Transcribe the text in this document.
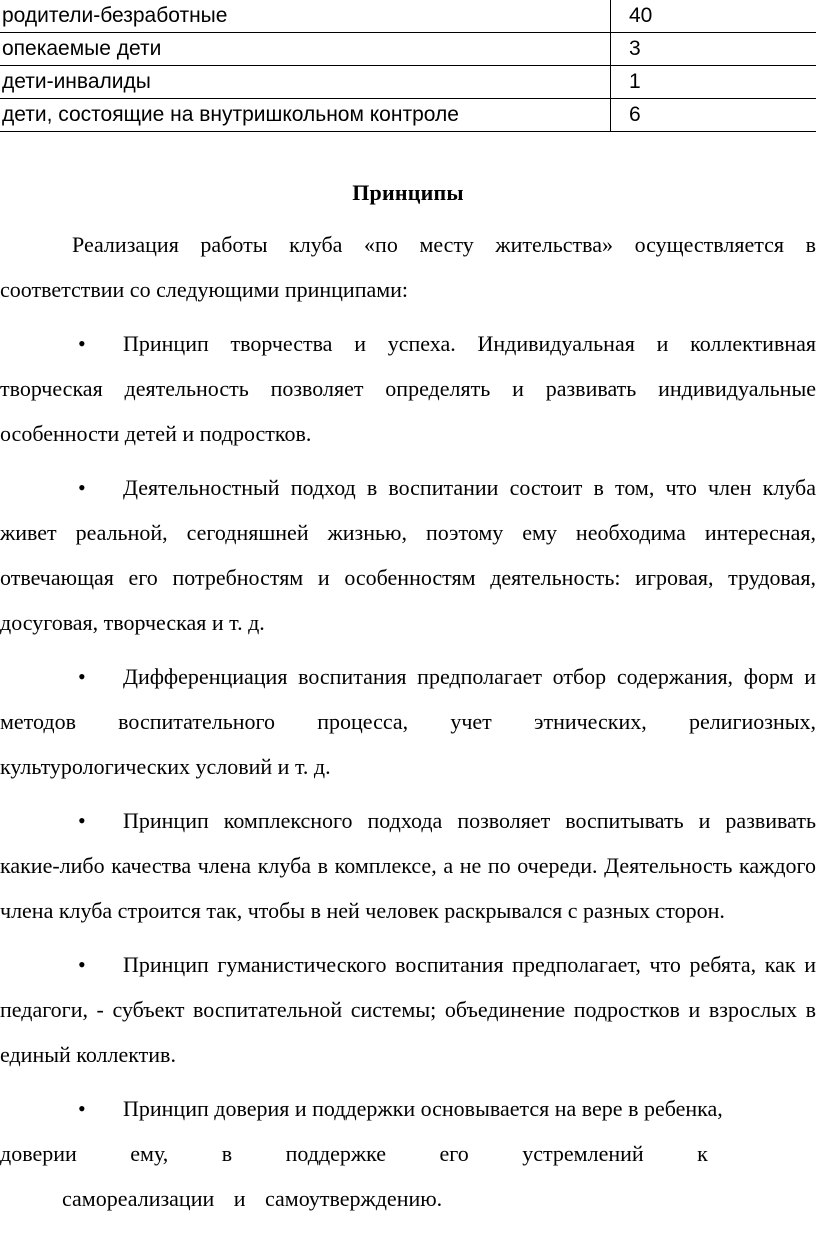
родители-безработные	40
опекаемые дети	3
дети-инвалиды	1
дети, состоящие на внутришкольном контроле	6
Принципы

Реализация работы клуба «по месту жительства» осуществляется в соответствии со следующими принципами:

• Принцип творчества и успеха. Индивидуальная и коллективная творческая деятельность позволяет определять и развивать индивидуальные особенности детей и подростков.

• Деятельностный подход в воспитании состоит в том, что член клуба живет реальной, сегодняшней жизнью, поэтому ему необходима интересная, отвечающая его потребностям и особенностям деятельность: игровая, трудовая, досуговая, творческая и т. д.

• Дифференциация воспитания предполагает отбор содержания, форм и методов воспитательного процесса, учет этнических, религиозных, культурологических условий и т. д.

• Принцип комплексного подхода позволяет воспитывать и развивать какие-либо качества члена клуба в комплексе, а не по очереди. Деятельность каждого члена клуба строится так, чтобы в ней человек раскрывался с разных сторон.

• Принцип гуманистического воспитания предполагает, что ребята, как и педагоги, - субъект воспитательной системы; объединение подростков и взрослых в единый коллектив.

• Принцип доверия и поддержки основывается на вере в ребенка,

доверии ему, в поддержке его устремлений к

самореализации и самоутверждению.
